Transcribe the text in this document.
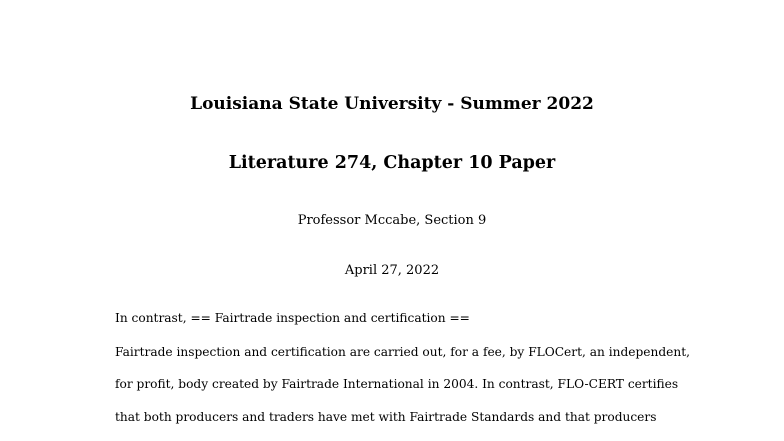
Louisiana State University - Summer 2022
Literature 274, Chapter 10 Paper
Professor Mccabe, Section 9
April 27, 2022
In contrast, == Fairtrade inspection and certification ==
Fairtrade inspection and certification are carried out, for a fee, by FLOCert, an independent,
for profit, body created by Fairtrade International in 2004. In contrast, FLO-CERT certifies
that both producers and traders have met with Fairtrade Standards and that producers
